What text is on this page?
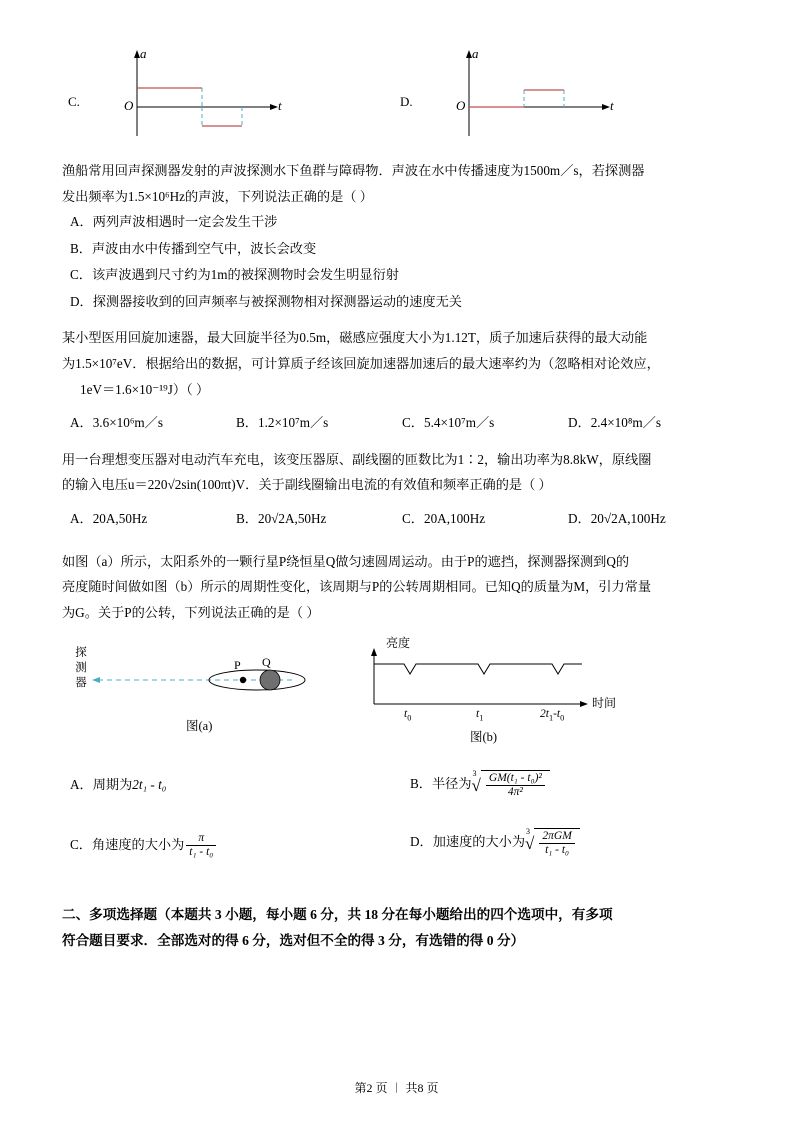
C.
a
O	t	D.
a
O	t
渔船常用回声探测器发射的声波探测水下鱼群与障碍物．声波在水中传播速度为1500m／s，若探测器
发出频率为1.5×10⁶Hz的声波，下列说法正确的是（ ）
A．两列声波相遇时一定会发生干涉
B．声波由水中传播到空气中，波长会改变
C．该声波遇到尺寸约为1m的被探测物时会发生明显衍射
D．探测器接收到的回声频率与被探测物相对探测器运动的速度无关
某小型医用回旋加速器，最大回旋半径为0.5m，磁感应强度大小为1.12T，质子加速后获得的最大动能
为1.5×10⁷eV．根据给出的数据，可计算质子经该回旋加速器加速后的最大速率约为（忽略相对论效应，
1eV＝1.6×10⁻¹⁹J）（ ）
A．3.6×10⁶m／s	B．1.2×10⁷m／s	C．5.4×10⁷m／s	D．2.4×10⁸m／s
用一台理想变压器对电动汽车充电，该变压器原、副线圈的匝数比为1∶2，输出功率为8.8kW，原线圈
的输入电压u＝220√2sin(100πt)V．关于副线圈输出电流的有效值和频率正确的是（ ）
A．20A,50Hz	B．20√2A,50Hz	C．20A,100Hz	D．20√2A,100Hz
如图（a）所示，太阳系外的一颗行星P绕恒星Q做匀速圆周运动。由于P的遮挡，探测器探测到Q的
亮度随时间做如图（b）所示的周期性变化，该周期与P的公转周期相同。已知Q的质量为M，引力常量
为G。关于P的公转，下列说法正确的是（ ）
探测器
P Q
图(a)
亮度
时间
$t_0$	$t_1$	$2t_1-t_0$
图(b)
A．周期为2t₁ - t₀	B．半径为
3
√ $\frac{\text{GM(t₁ - t₀)²}}{\text{4π²}}$
C．角速度的大小为 $\frac{\pi}{\text{t₁ - t₀}}$	D．加速度的大小为
3
√ $\frac{\text{2πGM}}{\text{t₁ - t₀}}$
二、多项选择题（本题共 3 小题，每小题 6 分，共 18 分在每小题给出的四个选项中，有多项
符合题目要求．全部选对的得 6 分，选对但不全的得 3 分，有选错的得 0 分）
第2 页 ︱ 共8 页
